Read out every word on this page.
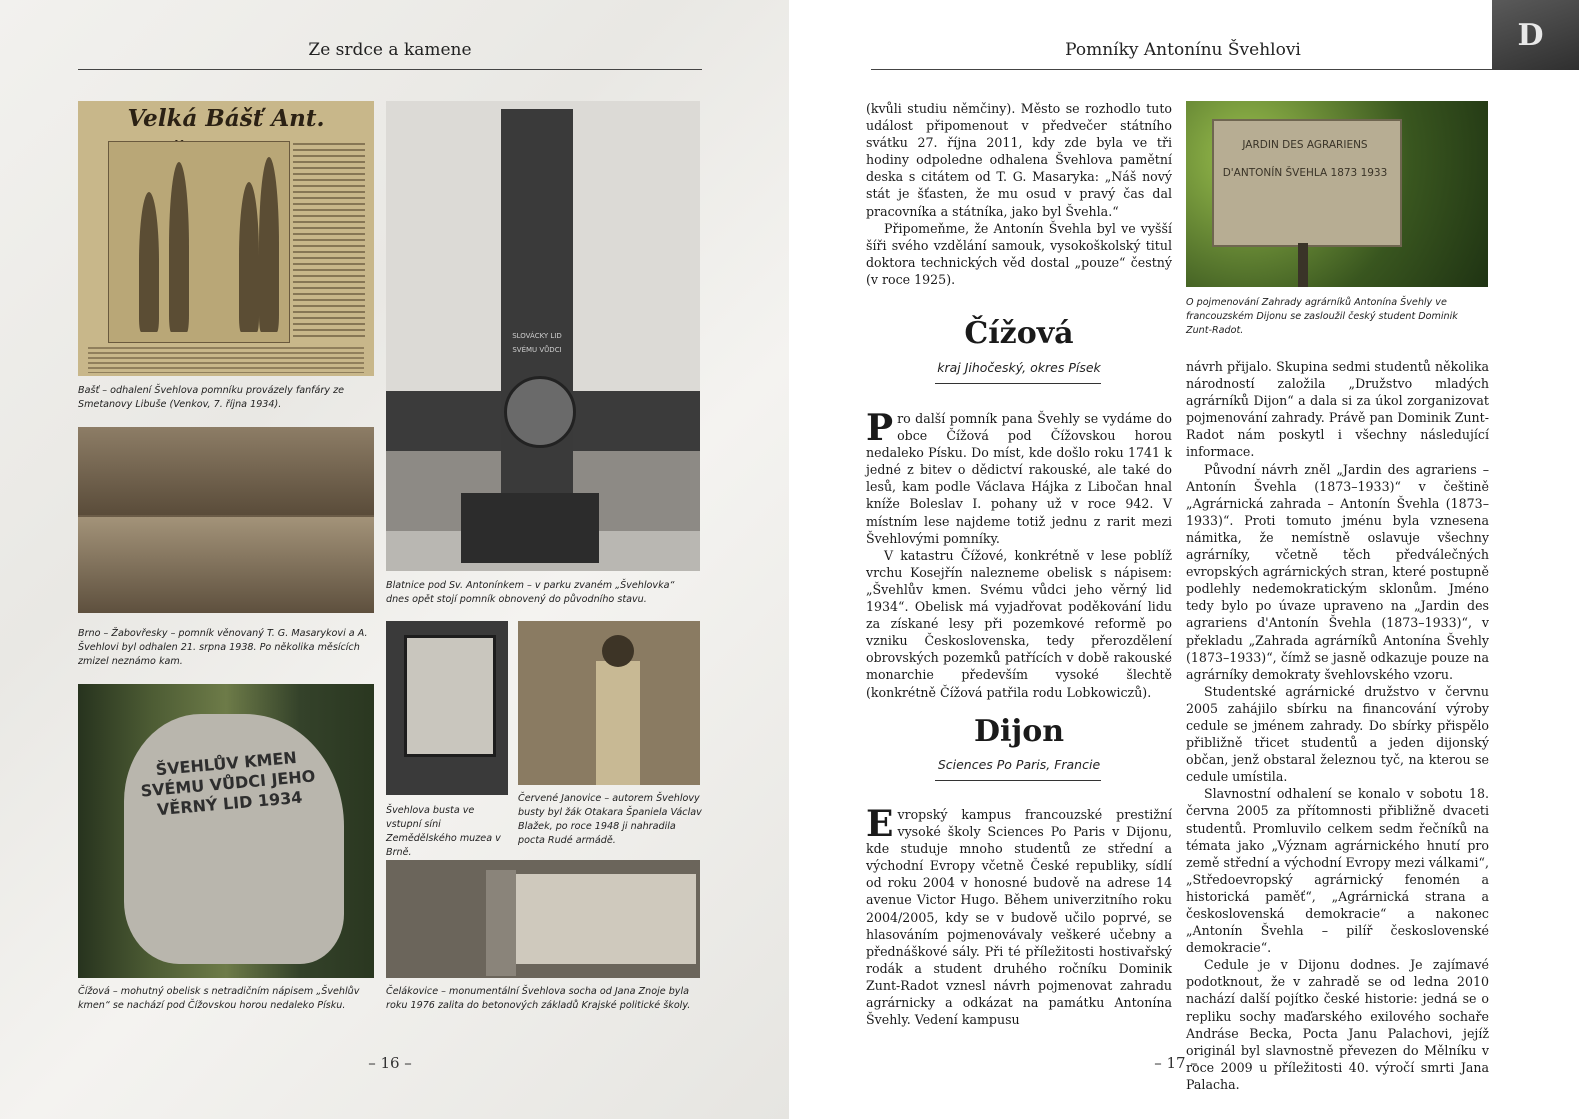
Ze srdce a kamene
Velká Bášť Ant.
Bašť – odhalení Švehlova pomníku provázely fanfáry ze Smetanovy Libuše (Venkov, 7. října 1934).
SLOVÁCKY LID SVÉMU VŮDCI
Blatnice pod Sv. Antonínkem – v parku zvaném „Švehlovka“ dnes opět stojí pomník obnovený do původního stavu.
Brno – Žabovřesky – pomník věnovaný T. G. Masarykovi a A. Švehlovi byl odhalen 21. srpna 1938. Po několika měsících zmizel neznámo kam.
ŠVEHLŮV KMEN SVÉMU VŮDCI JEHO VĚRNÝ LID 1934
Čížová – mohutný obelisk s netradičním nápisem „Švehlův kmen“ se nachází pod Čížovskou horou nedaleko Písku.
Švehlova busta ve vstupní síni Zemědělského muzea v Brně.
Červené Janovice – autorem Švehlovy busty byl žák Otakara Španiela Václav Blažek, po roce 1948 ji nahradila pocta Rudé armádě.
Čelákovice – monumentální Švehlova socha od Jana Znoje byla roku 1976 zalita do betonových základů Krajské politické školy.
– 16 –
Pomníky Antonínu Švehlovi	D

(kvůli studiu němčiny). Město se rozhodlo tuto událost připomenout v předvečer státního svátku 27. října 2011, kdy zde byla ve tři hodiny odpoledne odhalena Švehlova pamětní deska s citátem od T. G. Masaryka: „Náš nový stát je šťasten, že mu osud v pravý čas dal pracovníka a státníka, jako byl Švehla.“

Připomeňme, že Antonín Švehla byl ve vyšší šíři svého vzdělání samouk, vysokoškolský titul doktora technických věd dostal „pouze“ čestný (v roce 1925).

JARDIN DES AGRARIENS D'ANTONÍN ŠVEHLA 1873 1933
O pojmenování Zahrady agrárníků Antonína Švehly ve francouzském Dijonu se zasloužil český student Dominik Zunt-Radot.
Čížová
kraj Jihočeský, okres Písek

Pro další pomník pana Švehly se vydáme do obce Čížová pod Čížovskou horou nedaleko Písku. Do míst, kde došlo roku 1741 k jedné z bitev o dědictví rakouské, ale také do lesů, kam podle Václava Hájka z Libočan hnal kníže Boleslav I. pohany už v roce 942. V místním lese najdeme totiž jednu z rarit mezi Švehlovými pomníky.

V katastru Čížové, konkrétně v lese poblíž vrchu Kosejřín nalezneme obelisk s nápisem: „Švehlův kmen. Svému vůdci jeho věrný lid 1934“. Obelisk má vyjadřovat poděkování lidu za získané lesy při pozemkové reformě po vzniku Československa, tedy přerozdělení obrovských pozemků patřících v době rakouské monarchie především vysoké šlechtě (konkrétně Čížová patřila rodu Lobkowiczů).

Dijon
Sciences Po Paris, Francie

Evropský kampus francouzské prestižní vysoké školy Sciences Po Paris v Dijonu, kde studuje mnoho studentů ze střední a východní Evropy včetně České republiky, sídlí od roku 2004 v honosné budově na adrese 14 avenue Victor Hugo. Během univerzitního roku 2004/2005, kdy se v budově učilo poprvé, se hlasováním pojmenovávaly veškeré učebny a přednáškové sály. Při té příležitosti hostivařský rodák a student druhého ročníku Dominik Zunt-Radot vznesl návrh pojmenovat zahradu agrárnicky a odkázat na památku Antonína Švehly. Vedení kampusu

návrh přijalo. Skupina sedmi studentů několika národností založila „Družstvo mladých agrárníků Dijon“ a dala si za úkol zorganizovat pojmenování zahrady. Právě pan Dominik Zunt-Radot nám poskytl i všechny následující informace.

Původní návrh zněl „Jardin des agrariens – Antonín Švehla (1873–1933)“ v češtině „Agrárnická zahrada – Antonín Švehla (1873–1933)“. Proti tomuto jménu byla vznesena námitka, že nemístně oslavuje všechny agrárníky, včetně těch předválečných evropských agrárnických stran, které postupně podlehly nedemokratickým sklonům. Jméno tedy bylo po úvaze upraveno na „Jardin des agrariens d'Antonín Švehla (1873–1933)“, v překladu „Zahrada agrárníků Antonína Švehly (1873–1933)“, čímž se jasně odkazuje pouze na agrárníky demokraty švehlovského vzoru.

Studentské agrárnické družstvo v červnu 2005 zahájilo sbírku na financování výroby cedule se jménem zahrady. Do sbírky přispělo přibližně třicet studentů a jeden dijonský občan, jenž obstaral železnou tyč, na kterou se cedule umístila.

Slavnostní odhalení se konalo v sobotu 18. června 2005 za přítomnosti přibližně dvaceti studentů. Promluvilo celkem sedm řečníků na témata jako „Význam agrárnického hnutí pro země střední a východní Evropy mezi válkami“, „Středoevropský agrárnický fenomén a historická paměť“, „Agrárnická strana a československá demokracie“ a nakonec „Antonín Švehla – pilíř československé demokracie“.

Cedule je v Dijonu dodnes. Je zajímavé podotknout, že v zahradě se od ledna 2010 nachází další pojítko české historie: jedná se o repliku sochy maďarského exilového sochaře Andráse Becka, Pocta Janu Palachovi, jejíž originál byl slavnostně převezen do Mělníku v roce 2009 u příležitosti 40. výročí smrti Jana Palacha.

– 17 –
